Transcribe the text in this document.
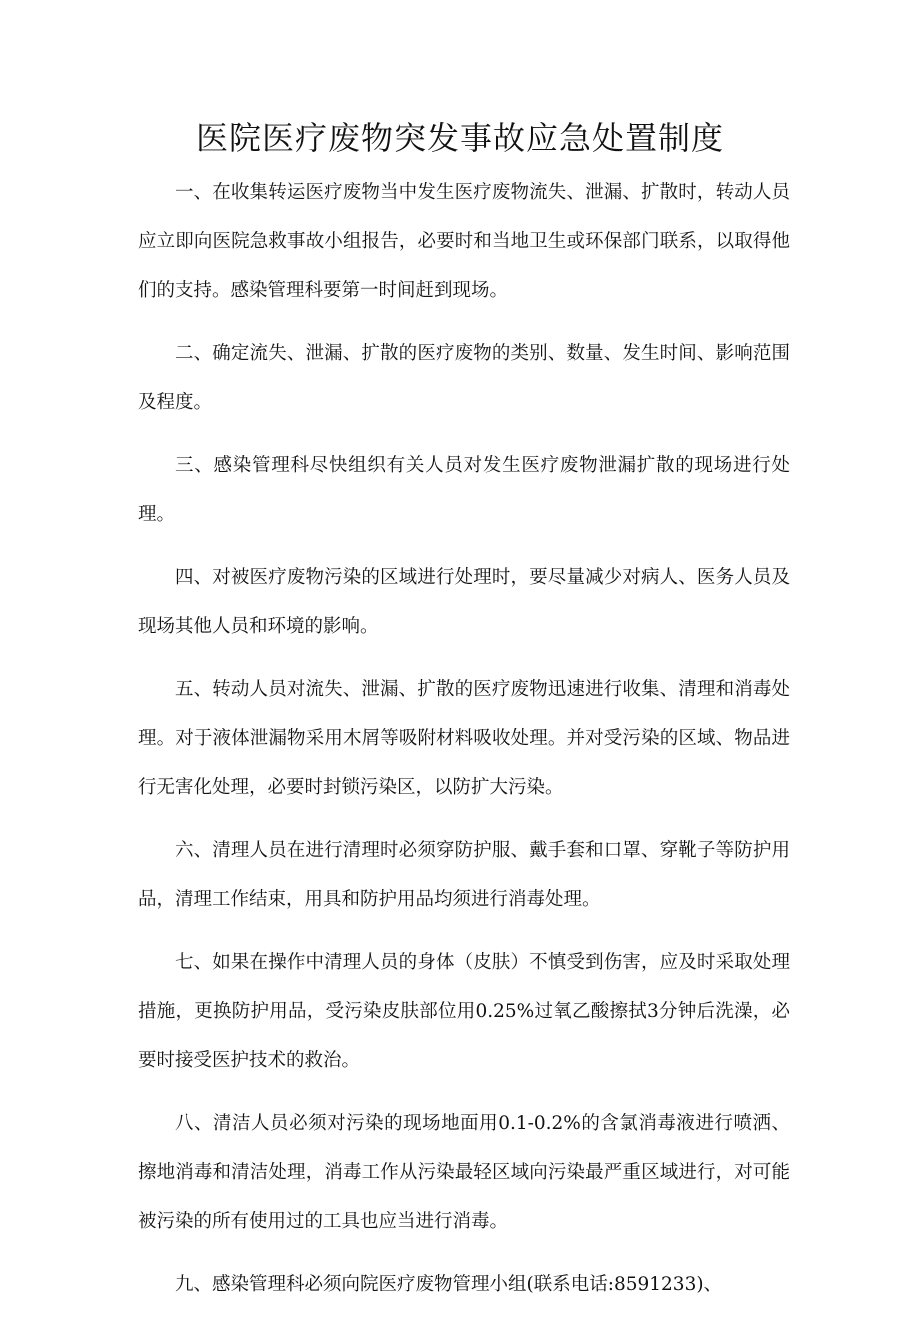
医院医疗废物突发事故应急处置制度

一、在收集转运医疗废物当中发生医疗废物流失、泄漏、扩散时，转动人员应立即向医院急救事故小组报告，必要时和当地卫生或环保部门联系，以取得他们的支持。感染管理科要第一时间赶到现场。

二、确定流失、泄漏、扩散的医疗废物的类别、数量、发生时间、影响范围及程度。

三、感染管理科尽快组织有关人员对发生医疗废物泄漏扩散的现场进行处理。

四、对被医疗废物污染的区域进行处理时，要尽量减少对病人、医务人员及现场其他人员和环境的影响。

五、转动人员对流失、泄漏、扩散的医疗废物迅速进行收集、清理和消毒处理。对于液体泄漏物采用木屑等吸附材料吸收处理。并对受污染的区域、物品进行无害化处理，必要时封锁污染区，以防扩大污染。

六、清理人员在进行清理时必须穿防护服、戴手套和口罩、穿靴子等防护用品，清理工作结束，用具和防护用品均须进行消毒处理。

七、如果在操作中清理人员的身体（皮肤）不慎受到伤害，应及时采取处理措施，更换防护用品，受污染皮肤部位用0.25%过氧乙酸擦拭3分钟后洗澡，必要时接受医护技术的救治。

八、清洁人员必须对污染的现场地面用0.1-0.2%的含氯消毒液进行喷洒、擦地消毒和清洁处理，消毒工作从污染最轻区域向污染最严重区域进行，对可能被污染的所有使用过的工具也应当进行消毒。

九、感染管理科必须向院医疗废物管理小组(联系电话:8591233)、
